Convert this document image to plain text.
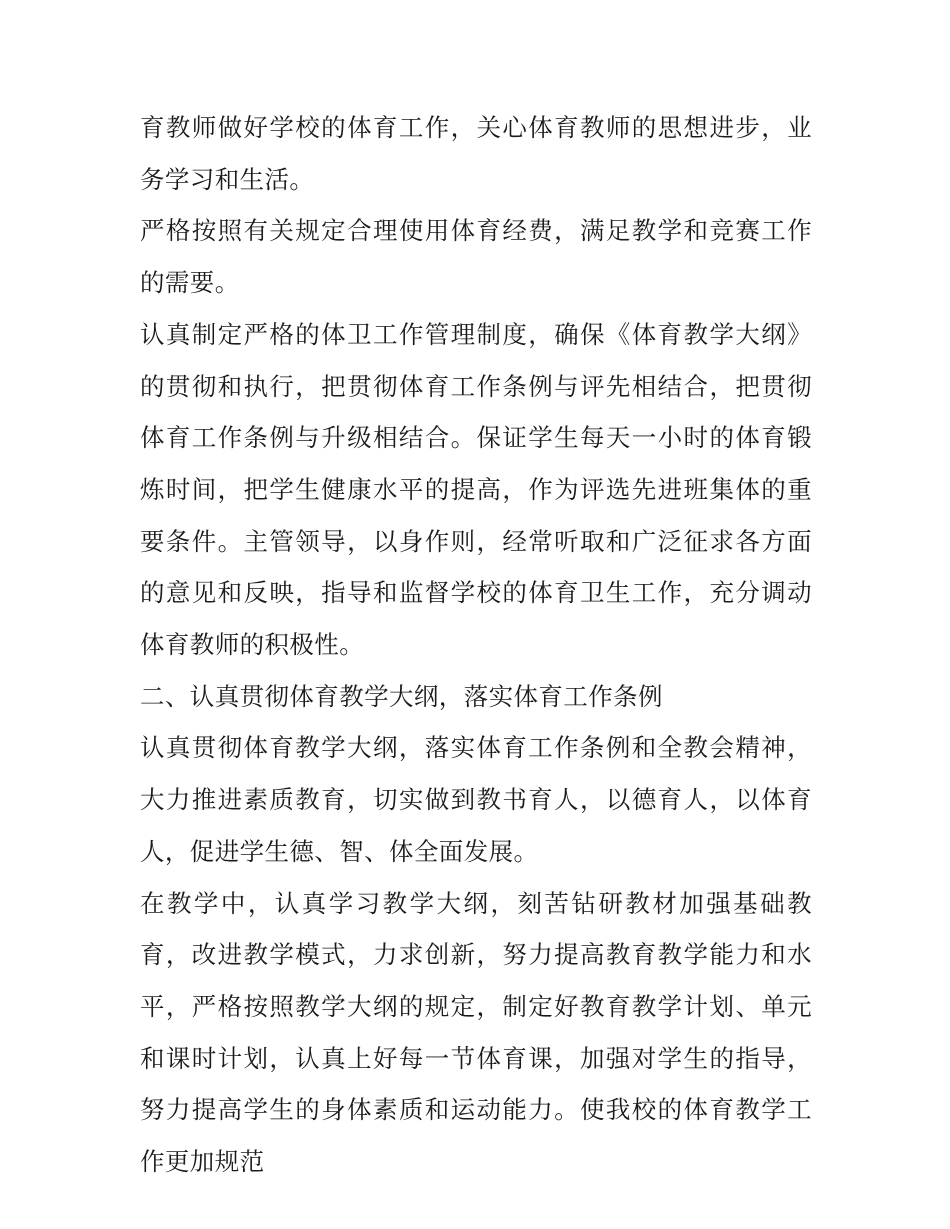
育教师做好学校的体育工作，关心体育教师的思想进步，业务学习和生活。

严格按照有关规定合理使用体育经费，满足教学和竞赛工作的需要。

认真制定严格的体卫工作管理制度，确保《体育教学大纲》的贯彻和执行，把贯彻体育工作条例与评先相结合，把贯彻体育工作条例与升级相结合。保证学生每天一小时的体育锻炼时间，把学生健康水平的提高，作为评选先进班集体的重要条件。主管领导，以身作则，经常听取和广泛征求各方面的意见和反映，指导和监督学校的体育卫生工作，充分调动体育教师的积极性。

二、认真贯彻体育教学大纲，落实体育工作条例

认真贯彻体育教学大纲，落实体育工作条例和全教会精神，大力推进素质教育，切实做到教书育人，以德育人，以体育人，促进学生德、智、体全面发展。

在教学中，认真学习教学大纲，刻苦钻研教材加强基础教育，改进教学模式，力求创新，努力提高教育教学能力和水平，严格按照教学大纲的规定，制定好教育教学计划、单元和课时计划，认真上好每一节体育课，加强对学生的指导，努力提高学生的身体素质和运动能力。使我校的体育教学工作更加规范
